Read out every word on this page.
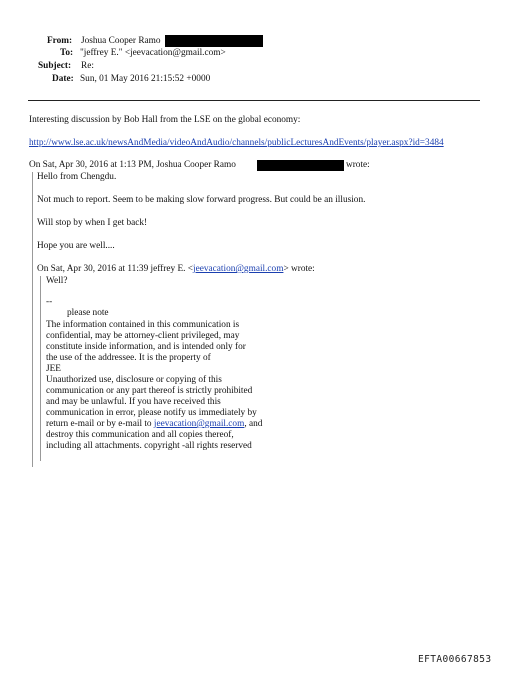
From: Joshua Cooper Ramo
To: "jeffrey E." <jeevacation@gmail.com>
Subject: Re:
Date: Sun, 01 May 2016 21:15:52 +0000
Interesting discussion by Bob Hall from the LSE on the global economy:
http://www.lse.ac.uk/newsAndMedia/videoAndAudio/channels/publicLecturesAndEvents/player.aspx?id=3484
On Sat, Apr 30, 2016 at 1:13 PM, Joshua Cooper Ramo	wrote:
Hello from Chengdu.
Not much to report. Seem to be making slow forward progress. But could be an illusion.
Will stop by when I get back!
Hope you are well....
On Sat, Apr 30, 2016 at 11:39 jeffrey E. <jeevacation@gmail.com> wrote:
Well?
--
please note
The information contained in this communication is
confidential, may be attorney-client privileged, may
constitute inside information, and is intended only for
the use of the addressee. It is the property of
JEE
Unauthorized use, disclosure or copying of this
communication or any part thereof is strictly prohibited
and may be unlawful. If you have received this
communication in error, please notify us immediately by
return e-mail or by e-mail to jeevacation@gmail.com, and
destroy this communication and all copies thereof,
including all attachments. copyright -all rights reserved
EFTA00667853
